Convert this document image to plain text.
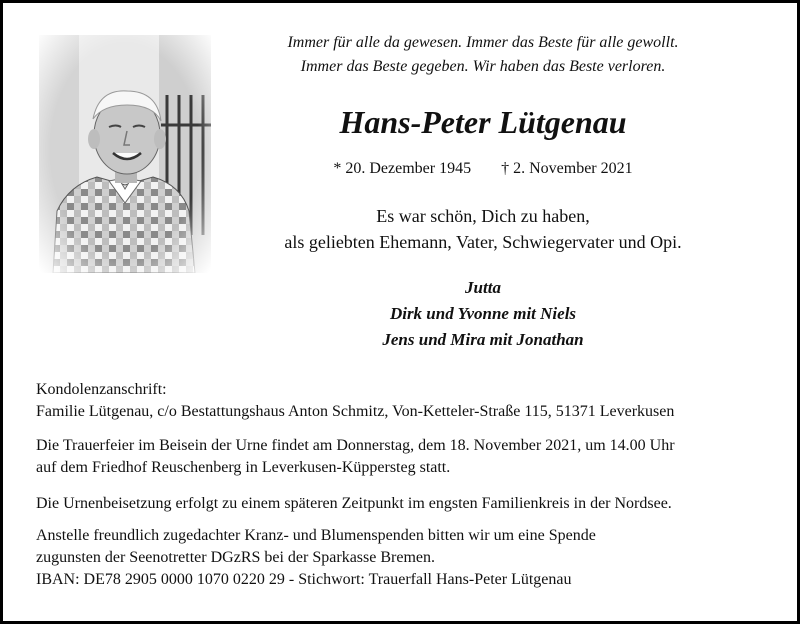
Immer für alle da gewesen. Immer das Beste für alle gewollt.
Immer das Beste gegeben. Wir haben das Beste verloren.
Hans-Peter Lütgenau
* 20. Dezember 1945 † 2. November 2021
Es war schön, Dich zu haben,
als geliebten Ehemann, Vater, Schwiegervater und Opi.
Jutta
Dirk und Yvonne mit Niels
Jens und Mira mit Jonathan
Kondolenzanschrift:
Familie Lütgenau, c/o Bestattungshaus Anton Schmitz, Von-Ketteler-Straße 115, 51371 Leverkusen
Die Trauerfeier im Beisein der Urne findet am Donnerstag, dem 18. November 2021, um 14.00 Uhr
auf dem Friedhof Reuschenberg in Leverkusen-Küppersteg statt.
Die Urnenbeisetzung erfolgt zu einem späteren Zeitpunkt im engsten Familienkreis in der Nordsee.
Anstelle freundlich zugedachter Kranz- und Blumenspenden bitten wir um eine Spende
zugunsten der Seenotretter DGzRS bei der Sparkasse Bremen.
IBAN: DE78 2905 0000 1070 0220 29 - Stichwort: Trauerfall Hans-Peter Lütgenau
